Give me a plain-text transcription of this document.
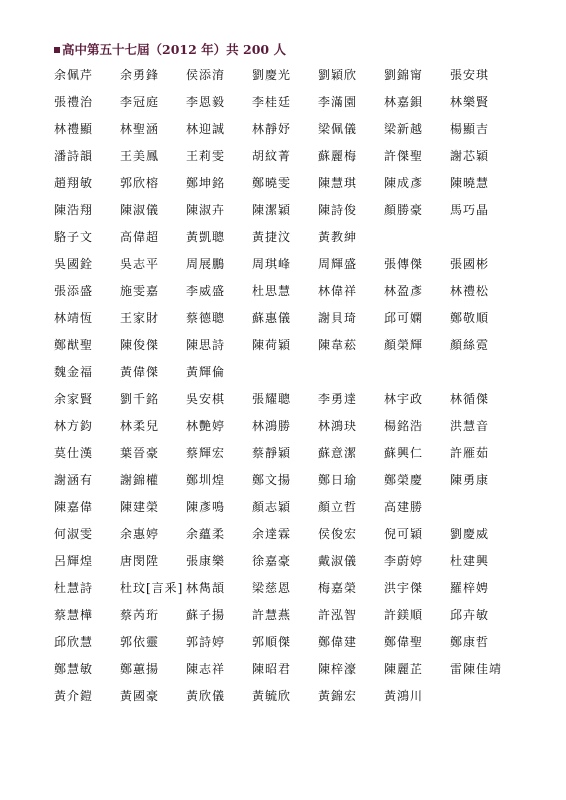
高中第五十七屆（2012 年）共 200 人
余佩芹 余勇鋒 侯添淯 劉慶光 劉穎欣 劉錦甯 張安琪
張禮治 李冠庭 李恩毅 李桂廷 李滿園 林嘉鋇 林樂賢
林禮顯 林聖涵 林迎誠 林靜妤 梁佩儀 梁新越 楊顯吉
潘詩韻 王美鳳 王莉雯 胡紋菁 蘇麗梅 許傑聖 謝芯穎
趙翔敏 郭欣榕 鄭坤銘 鄭曉雯 陳慧琪 陳成彥 陳曉慧
陳浩翔 陳淑儀 陳淑卉 陳潔穎 陳詩俊 顏勝豪 馬巧晶
駱子文 高偉超 黃凱聰 黃捷汶 黃教紳
吳國銓 吳志平 周展鵬 周琪峰 周輝盛 張傳傑 張國彬
張添盛 施雯嘉 李威盛 杜思慧 林偉祥 林盈彥 林禮松
林靖恆 王家財 蔡德聰 蘇惠儀 謝貝琦 邱可嫻 鄭敬順
鄭猷聖 陳俊傑 陳思詩 陳荷穎 陳韋菘 顏榮輝 顏絲霓
魏金福 黃偉傑 黃輝倫
余家賢 劉千銘 吳安棋 張耀聰 李勇達 林宇政 林循傑
林方鈞 林柔兒 林艷婷 林鴻勝 林鴻玦 楊銘浩 洪慧音
莫仕漢 葉晉豪 蔡輝宏 蔡靜穎 蘇意潔 蘇興仁 許雁茹
謝涵有 謝錦權 鄭圳煌 鄭文揚 鄭日瑜 鄭榮慶 陳勇康
陳嘉偉 陳建榮 陳彥鳴 顏志穎 顏立哲 高建勝
何淑雯 余惠婷 余蘊柔 余達霖 侯俊宏 倪可穎 劉慶威
呂輝煌 唐閔陞 張康樂 徐嘉豪 戴淑儀 李蔚婷 杜建興
杜慧詩 杜玟[言釆] 林雋頡 梁慈恩 梅嘉榮 洪宇傑 羅梓娉
蔡慧樺 蔡芮珩 蘇子揚 許慧燕 許泓智 許鎂順 邱卉敏
邱欣慧 郭依靈 郭詩婷 郭順傑 鄭偉建 鄭偉聖 鄭康哲
鄭慧敏 鄭蕙揚 陳志祥 陳昭君 陳梓濠 陳麗芷 雷陳佳靖
黃介鎧 黃國豪 黃欣儀 黃毓欣 黃錦宏 黃鴻川
